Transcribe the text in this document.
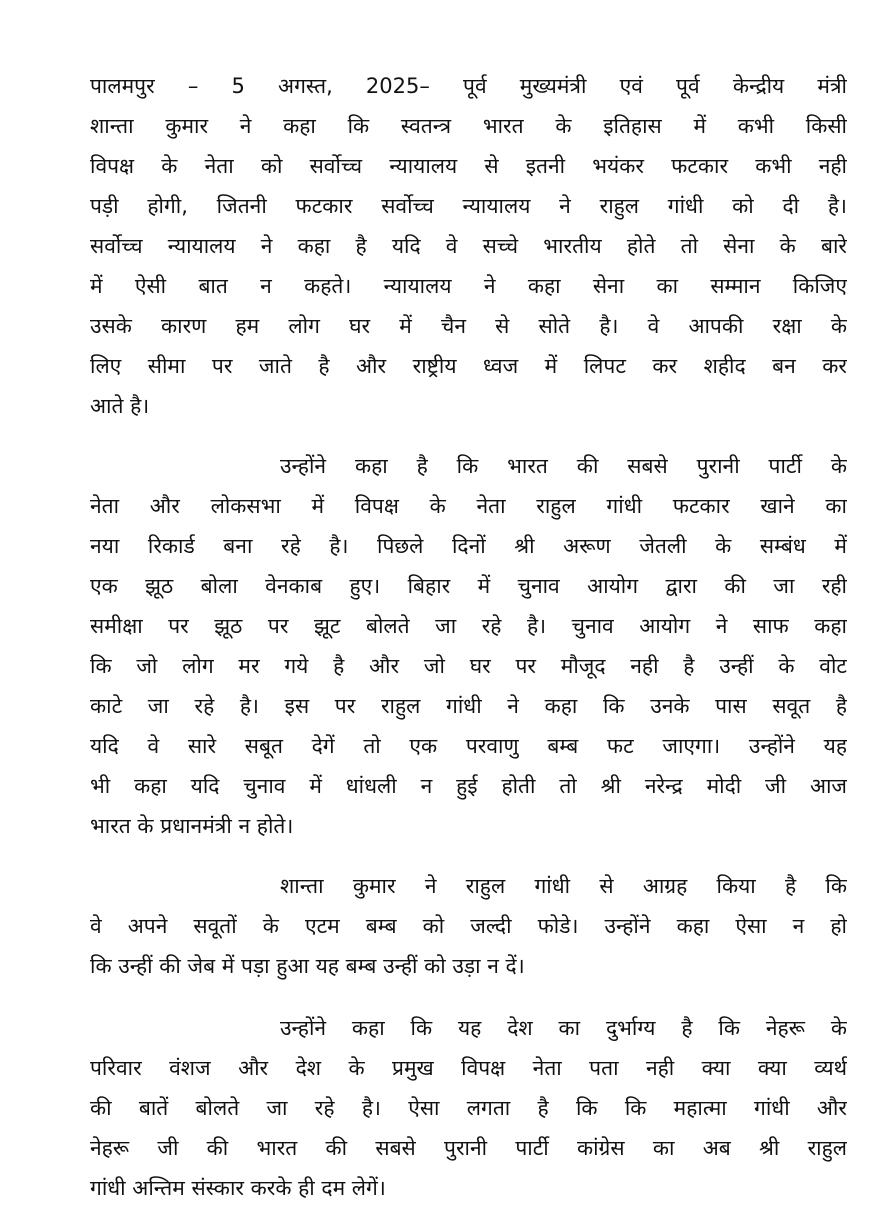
पालमपुर – 5 अगस्त, 2025– पूर्व मुख्यमंत्री एवं पूर्व केन्द्रीय मंत्री
शान्ता कुमार ने कहा कि स्वतन्त्र भारत के इतिहास में कभी किसी
विपक्ष के नेता को सर्वोच्च न्यायालय से इतनी भयंकर फटकार कभी नही
पड़ी होगी, जितनी फटकार सर्वोच्च न्यायालय ने राहुल गांधी को दी है।
सर्वोच्च न्यायालय ने कहा है यदि वे सच्चे भारतीय होते तो सेना के बारे
में ऐसी बात न कहते। न्यायालय ने कहा सेना का सम्मान किजिए
उसके कारण हम लोग घर में चैन से सोते है। वे आपकी रक्षा के
लिए सीमा पर जाते है और राष्ट्रीय ध्वज में लिपट कर शहीद बन कर
आते है।
उन्होंने कहा है कि भारत की सबसे पुरानी पार्टी के
नेता और लोकसभा में विपक्ष के नेता राहुल गांधी फटकार खाने का
नया रिकार्ड बना रहे है। पिछले दिनों श्री अरूण जेतली के सम्बंध में
एक झूठ बोला वेनकाब हुए। बिहार में चुनाव आयोग द्वारा की जा रही
समीक्षा पर झूठ पर झूट बोलते जा रहे है। चुनाव आयोग ने साफ कहा
कि जो लोग मर गये है और जो घर पर मौजूद नही है उन्हीं के वोट
काटे जा रहे है। इस पर राहुल गांधी ने कहा कि उनके पास सवूत है
यदि वे सारे सबूत देगें तो एक परवाणु बम्ब फट जाएगा। उन्होंने यह
भी कहा यदि चुनाव में धांधली न हुई होती तो श्री नरेन्द्र मोदी जी आज
भारत के प्रधानमंत्री न होते।
शान्ता कुमार ने राहुल गांधी से आग्रह किया है कि
वे अपने सवूतों के एटम बम्ब को जल्दी फोडे। उन्होंने कहा ऐसा न हो
कि उन्हीं की जेब में पड़ा हुआ यह बम्ब उन्हीं को उड़ा न दें।
उन्होंने कहा कि यह देश का दुर्भाग्य है कि नेहरू के
परिवार वंशज और देश के प्रमुख विपक्ष नेता पता नही क्या क्या व्यर्थ
की बातें बोलते जा रहे है। ऐसा लगता है कि कि महात्मा गांधी और
नेहरू जी की भारत की सबसे पुरानी पार्टी कांग्रेस का अब श्री राहुल
गांधी अन्तिम संस्कार करके ही दम लेगें।
